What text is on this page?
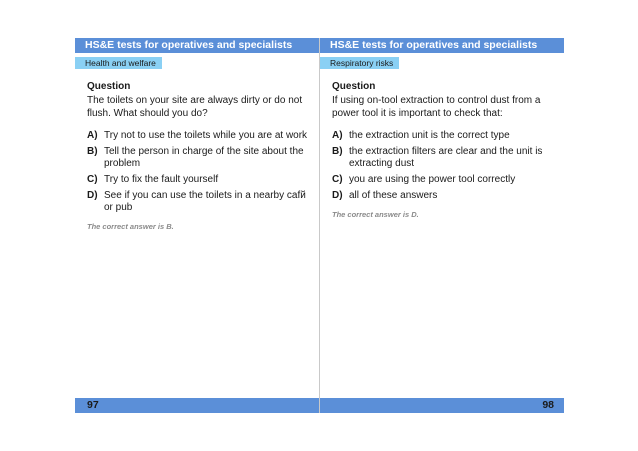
HS&E tests for operatives and specialists
Health and welfare

Question

The toilets on your site are always dirty or do not flush. What should you do?

A) Try not to use the toilets while you are at work
B) Tell the person in charge of the site about the problem
C) Try to fix the fault yourself
D) See if you can use the toilets in a nearby cafй or pub
The correct answer is B.
97
HS&E tests for operatives and specialists
Respiratory risks

Question

If using on-tool extraction to control dust from a power tool it is important to check that:

A) the extraction unit is the correct type
B) the extraction filters are clear and the unit is extracting dust
C) you are using the power tool correctly
D) all of these answers
The correct answer is D.
98
